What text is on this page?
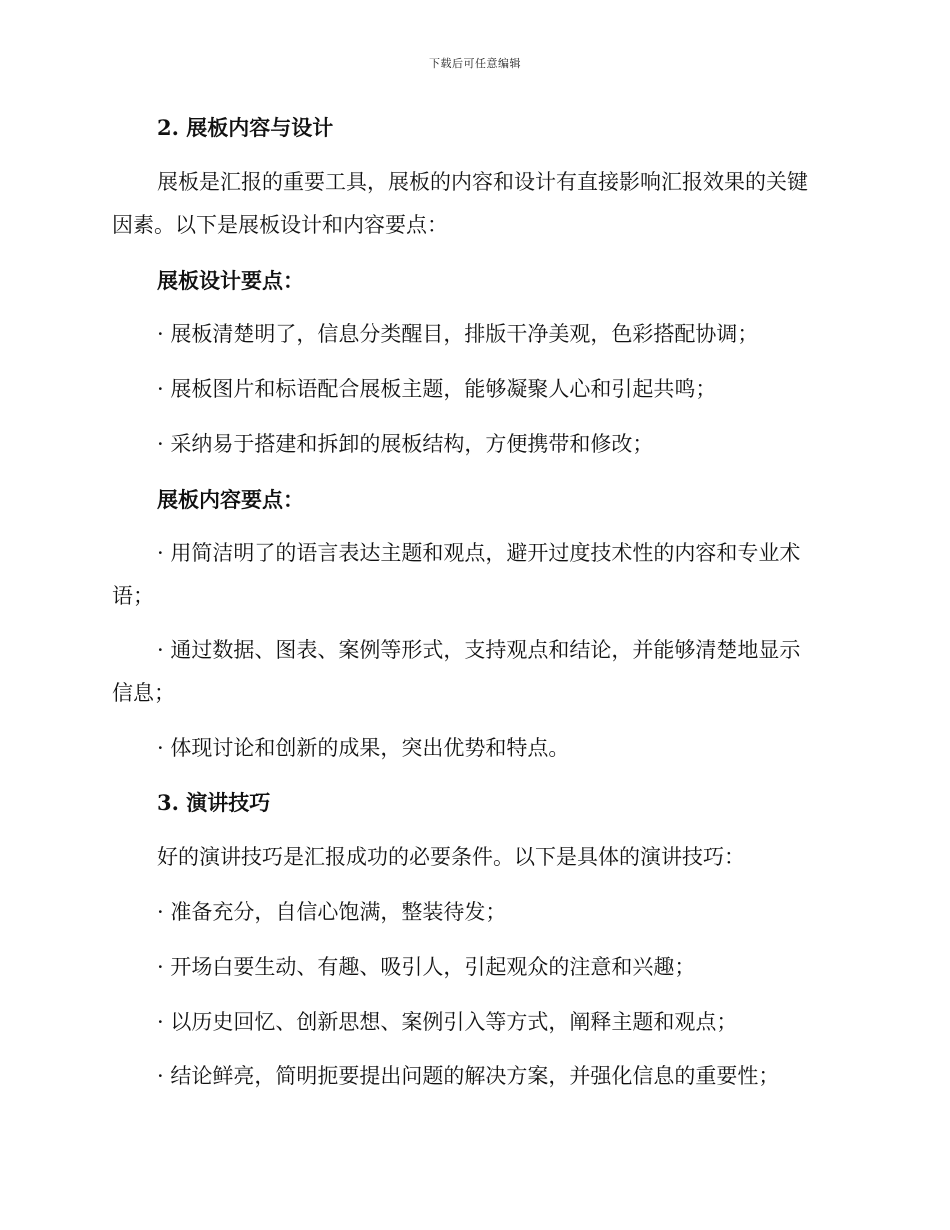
下载后可任意编辑
2. 展板内容与设计
展板是汇报的重要工具，展板的内容和设计有直接影响汇报效果的关键
因素。以下是展板设计和内容要点：
展板设计要点：
· 展板清楚明了，信息分类醒目，排版干净美观，色彩搭配协调；
· 展板图片和标语配合展板主题，能够凝聚人心和引起共鸣；
· 采纳易于搭建和拆卸的展板结构，方便携带和修改；
展板内容要点：
· 用简洁明了的语言表达主题和观点，避开过度技术性的内容和专业术
语；
· 通过数据、图表、案例等形式，支持观点和结论，并能够清楚地显示
信息；
· 体现讨论和创新的成果，突出优势和特点。
3. 演讲技巧
好的演讲技巧是汇报成功的必要条件。以下是具体的演讲技巧：
· 准备充分，自信心饱满，整装待发；
· 开场白要生动、有趣、吸引人，引起观众的注意和兴趣；
· 以历史回忆、创新思想、案例引入等方式，阐释主题和观点；
· 结论鲜亮，简明扼要提出问题的解决方案，并强化信息的重要性；
